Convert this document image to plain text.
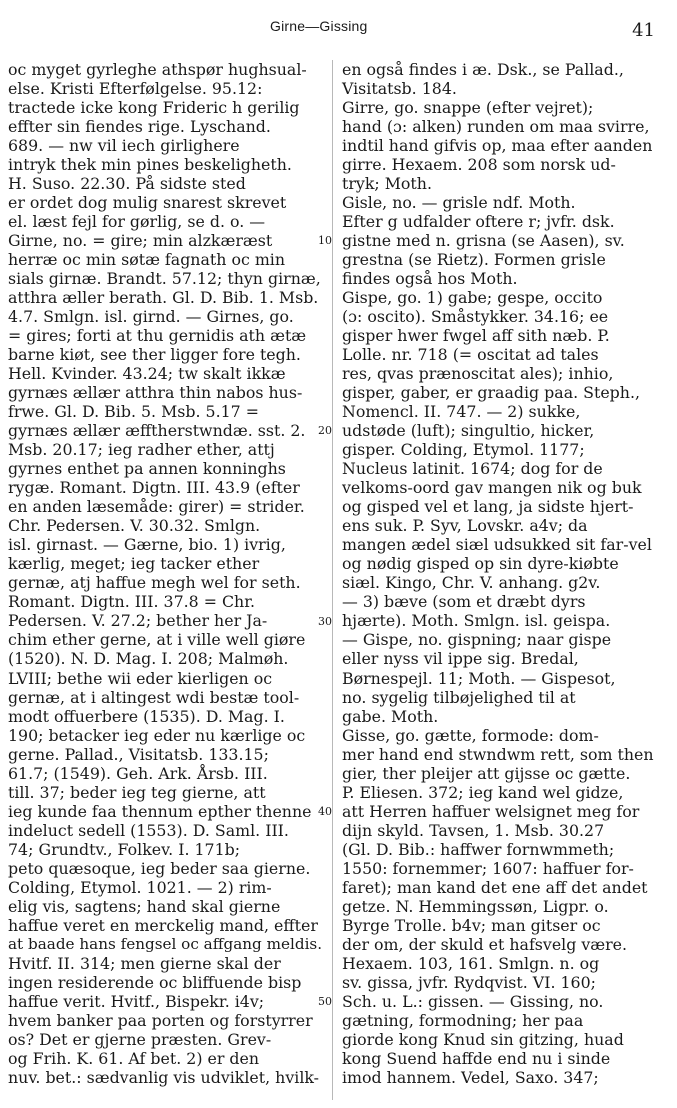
Girne—Gissing	41
oc myget gyrleghe athspør hughsual-
else. Kristi Efterfølgelse. 95.12:
tractede icke kong Frideric h gerilig
effter sin fiendes rige. Lyschand.
689. — nw vil iech girlighere
intryk thek min pines beskeligheth.
H. Suso. 22.30. På sidste sted
er ordet dog mulig snarest skrevet
el. læst fejl for gørlig, se d. o. —
Girne, no. = gire; min alzkæræst
herræ oc min søtæ fagnath oc min
sials girnæ. Brandt. 57.12; thyn girnæ,
atthra æller berath. Gl. D. Bib. 1. Msb.
4.7. Smlgn. isl. girnd. — Girnes, go.
= gires; forti at thu gernidis ath ætæ
barne kiøt, see ther ligger fore tegh.
Hell. Kvinder. 43.24; tw skalt ikkæ
gyrnæs ællær atthra thin nabos hus-
frwe. Gl. D. Bib. 5. Msb. 5.17 =
gyrnæs ællær æfftherstwndæ. sst. 2.
Msb. 20.17; ieg radher ether, attj
gyrnes enthet pa annen konninghs
rygæ. Romant. Digtn. III. 43.9 (efter
en anden læsemåde: girer) = strider.
Chr. Pedersen. V. 30.32. Smlgn.
isl. girnast. — Gærne, bio. 1) ivrig,
kærlig, meget; ieg tacker ether
gernæ, atj haffue megh wel for seth.
Romant. Digtn. III. 37.8 = Chr.
Pedersen. V. 27.2; bether her Ja-
chim ether gerne, at i ville well giøre
(1520). N. D. Mag. I. 208; Malmøh.
LVIII; bethe wii eder kierligen oc
gernæ, at i altingest wdi bestæ tool-
modt offuerbere (1535). D. Mag. I.
190; betacker ieg eder nu kærlige oc
gerne. Pallad., Visitatsb. 133.15;
61.7; (1549). Geh. Ark. Årsb. III.
till. 37; beder ieg teg gierne, att
ieg kunde faa thennum epther thenne
indeluct sedell (1553). D. Saml. III.
74; Grundtv., Folkev. I. 171b;
peto quæsoque, ieg beder saa gierne.
Colding, Etymol. 1021. — 2) rim-
elig vis, sagtens; hand skal gierne
haffue veret en merckelig mand, effter
at baade hans fengsel oc affgang meldis.
Hvitf. II. 314; men gierne skal der
ingen residerende oc bliffuende bisp
haffue verit. Hvitf., Bispekr. i4v;
hvem banker paa porten og forstyrrer
os? Det er gjerne præsten. Grev-
og Frih. K. 61. Af bet. 2) er den
nuv. bet.: sædvanlig vis udviklet, hvilk-
10
20
30
40
50
en også findes i æ. Dsk., se Pallad.,
Visitatsb. 184.
Girre, go. snappe (efter vejret);
hand (ɔ: alken) runden om maa svirre,
indtil hand gifvis op, maa efter aanden
girre. Hexaem. 208 som norsk ud-
tryk; Moth.
Gisle, no. — grisle ndf. Moth.
Efter g udfalder oftere r; jvfr. dsk.
gistne med n. grisna (se Aasen), sv.
grestna (se Rietz). Formen grisle
findes også hos Moth.
Gispe, go. 1) gabe; gespe, occito
(ɔ: oscito). Småstykker. 34.16; ee
gisper hwer fwgel aff sith næb. P.
Lolle. nr. 718 (= oscitat ad tales
res, qvas prænoscitat ales); inhio,
gisper, gaber, er graadig paa. Steph.,
Nomencl. II. 747. — 2) sukke,
udstøde (luft); singultio, hicker,
gisper. Colding, Etymol. 1177;
Nucleus latinit. 1674; dog for de
velkoms-oord gav mangen nik og buk
og gisped vel et lang, ja sidste hjert-
ens suk. P. Syv, Lovskr. a4v; da
mangen ædel siæl udsukked sit far-vel
og nødig gisped op sin dyre-kiøbte
siæl. Kingo, Chr. V. anhang. g2v.
— 3) bæve (som et dræbt dyrs
hjærte). Moth. Smlgn. isl. geispa.
— Gispe, no. gispning; naar gispe
eller nyss vil ippe sig. Bredal,
Børnespejl. 11; Moth. — Gispesot,
no. sygelig tilbøjelighed til at
gabe. Moth.
Gisse, go. gætte, formode: dom-
mer hand end stwndwm rett, som then
gier, ther pleijer att gijsse oc gætte.
P. Eliesen. 372; ieg kand wel gidze,
att Herren haffuer welsignet meg for
dijn skyld. Tavsen, 1. Msb. 30.27
(Gl. D. Bib.: haffwer fornwmmeth;
1550: fornemmer; 1607: haffuer for-
faret); man kand det ene aff det andet
getze. N. Hemmingssøn, Ligpr. o.
Byrge Trolle. b4v; man gitser oc
der om, der skuld et hafsvelg være.
Hexaem. 103, 161. Smlgn. n. og
sv. gissa, jvfr. Rydqvist. VI. 160;
Sch. u. L.: gissen. — Gissing, no.
gætning, formodning; her paa
giorde kong Knud sin gitzing, huad
kong Suend haffde end nu i sinde
imod hannem. Vedel, Saxo. 347;
